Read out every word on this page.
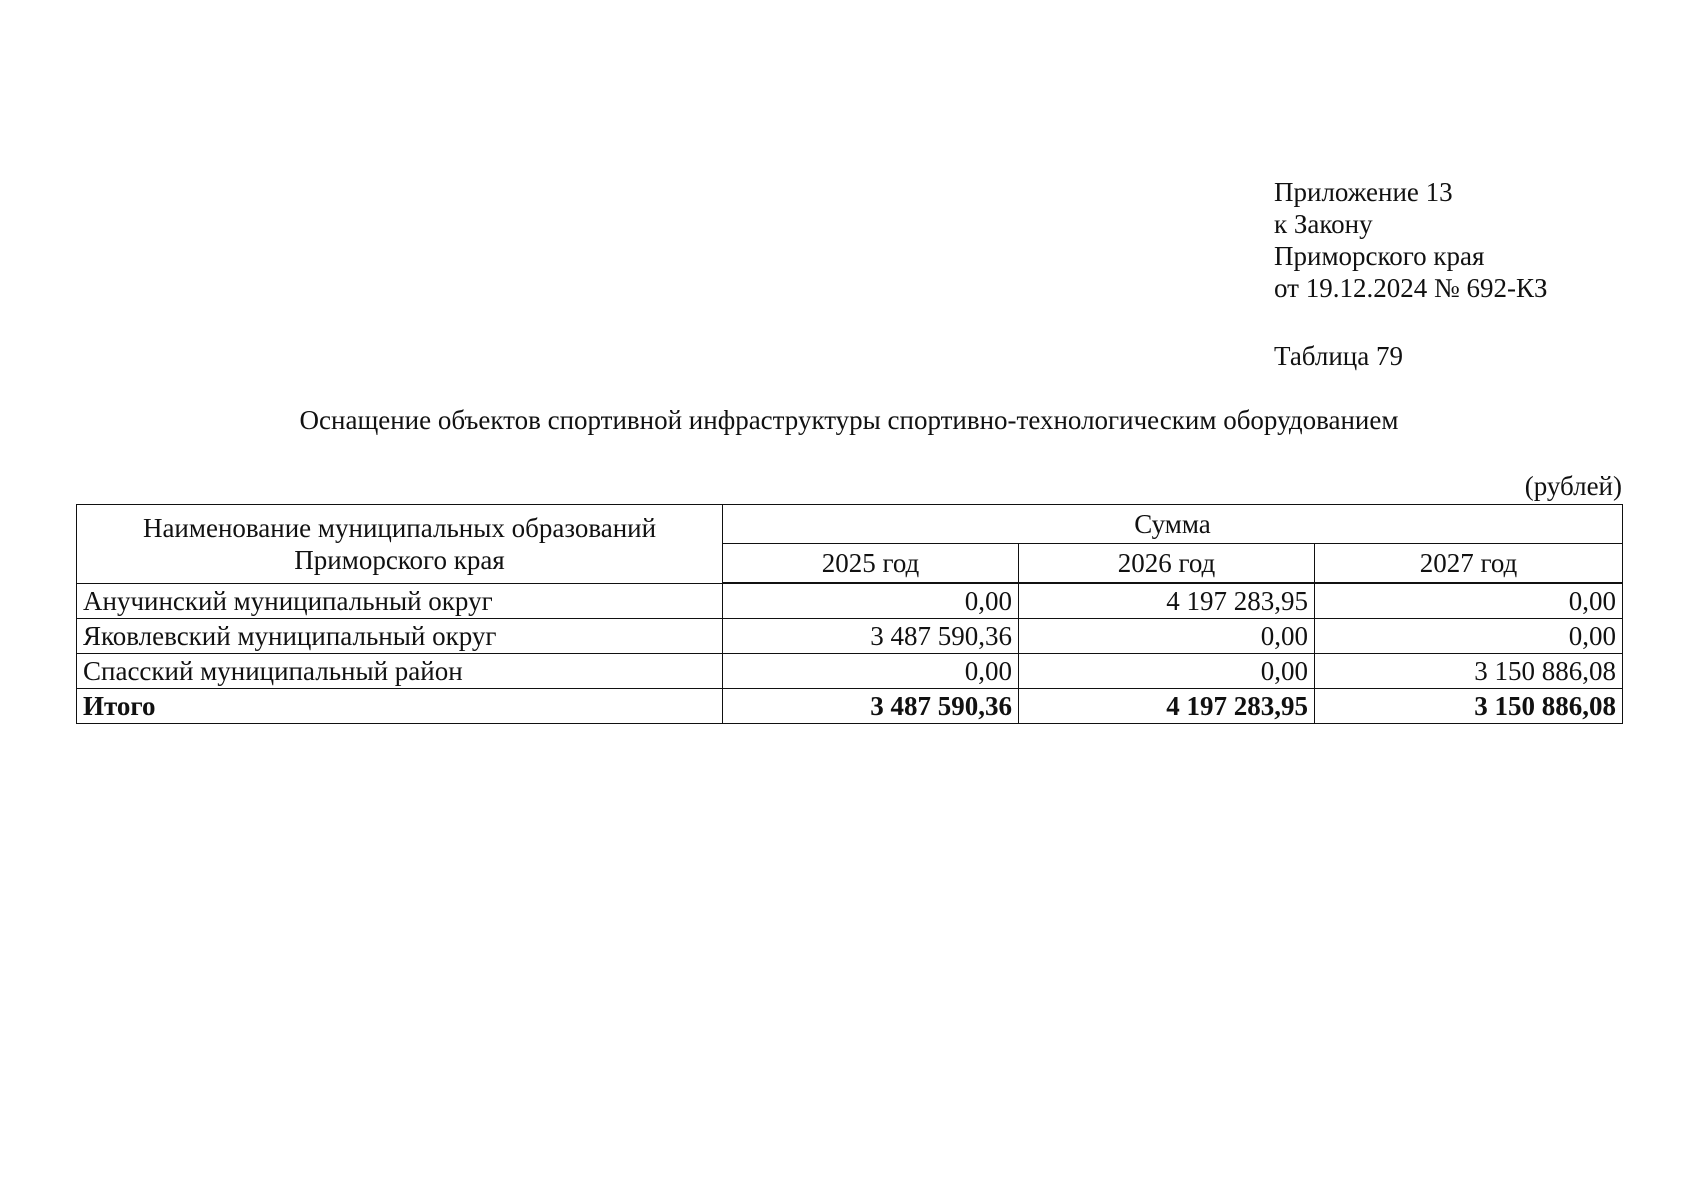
Приложение 13
к Закону
Приморского края
от 19.12.2024 № 692-КЗ
Таблица 79
Оснащение объектов спортивной инфраструктуры спортивно-технологическим оборудованием
(рублей)
Наименование муниципальных образований
Приморского края	Сумма		
	2025 год	2026 год	2027 год
Анучинский муниципальный округ	0,00	4 197 283,95	0,00
Яковлевский муниципальный округ	3 487 590,36	0,00	0,00
Спасский муниципальный район	0,00	0,00	3 150 886,08
Итого	3 487 590,36	4 197 283,95	3 150 886,08
